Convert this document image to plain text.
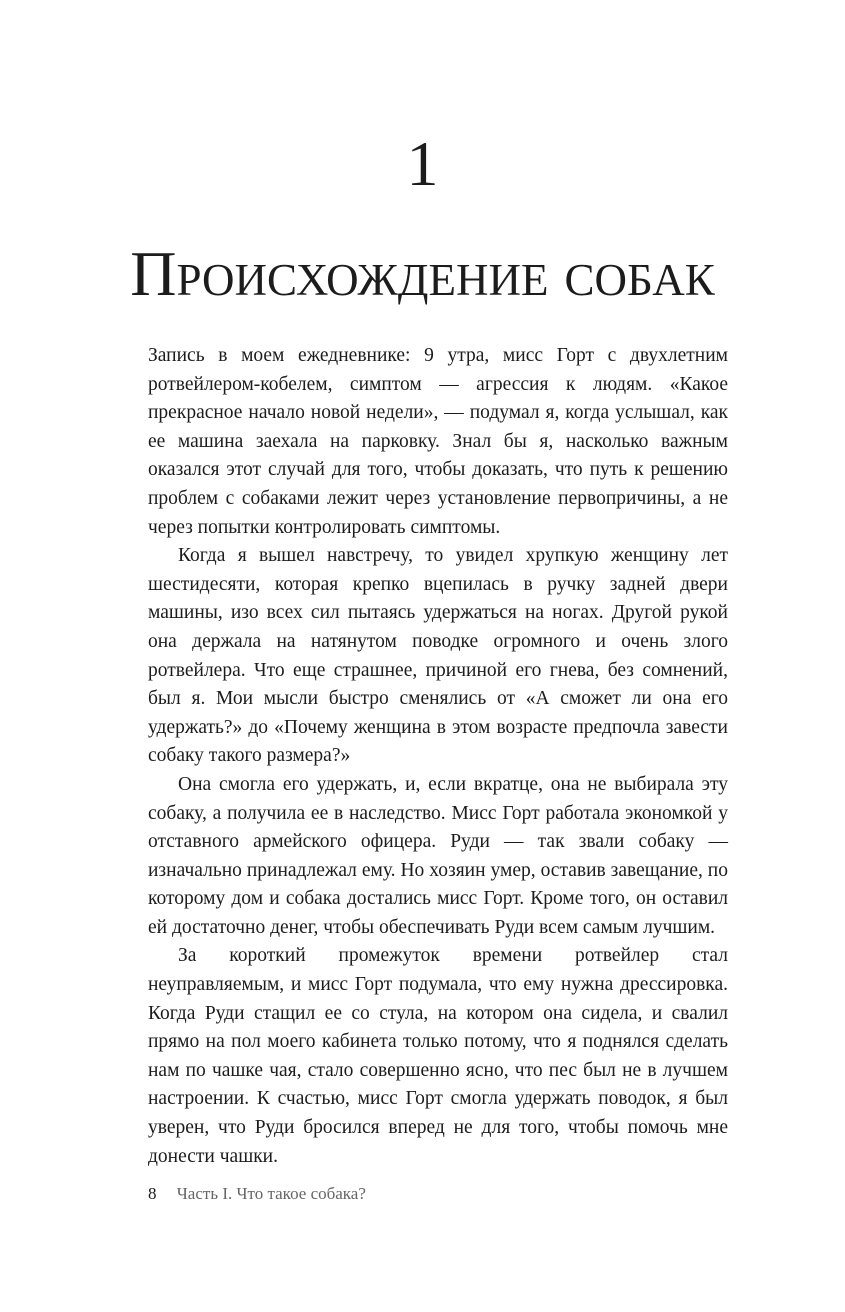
1
Происхождение собак

Запись в моем ежедневнике: 9 утра, мисс Горт с двухлетним ротвейлером-кобелем, симптом — агрессия к людям. «Какое прекрасное начало новой недели», — подумал я, когда услышал, как ее машина заехала на парковку. Знал бы я, насколько важным оказался этот случай для того, чтобы доказать, что путь к решению проблем с собаками лежит через установление первопричины, а не через попытки контролировать симптомы.

Когда я вышел навстречу, то увидел хрупкую женщину лет шестидесяти, которая крепко вцепилась в ручку задней двери машины, изо всех сил пытаясь удержаться на ногах. Другой рукой она держала на натянутом поводке огромного и очень злого ротвейлера. Что еще страшнее, причиной его гнева, без сомнений, был я. Мои мысли быстро сменялись от «А сможет ли она его удержать?» до «Почему женщина в этом возрасте предпочла завести собаку такого размера?»

Она смогла его удержать, и, если вкратце, она не выбирала эту собаку, а получила ее в наследство. Мисс Горт работала экономкой у отставного армейского офицера. Руди — так звали собаку — изначально принадлежал ему. Но хозяин умер, оставив завещание, по которому дом и собака достались мисс Горт. Кроме того, он оставил ей достаточно денег, чтобы обеспечивать Руди всем самым лучшим.

За короткий промежуток времени ротвейлер стал неуправляемым, и мисс Горт подумала, что ему нужна дрессировка. Когда Руди стащил ее со стула, на котором она сидела, и свалил прямо на пол моего кабинета только потому, что я поднялся сделать нам по чашке чая, стало совершенно ясно, что пес был не в лучшем настроении. К счастью, мисс Горт смогла удержать поводок, я был уверен, что Руди бросился вперед не для того, чтобы помочь мне донести чашки.

8 Часть I. Что такое собака?
